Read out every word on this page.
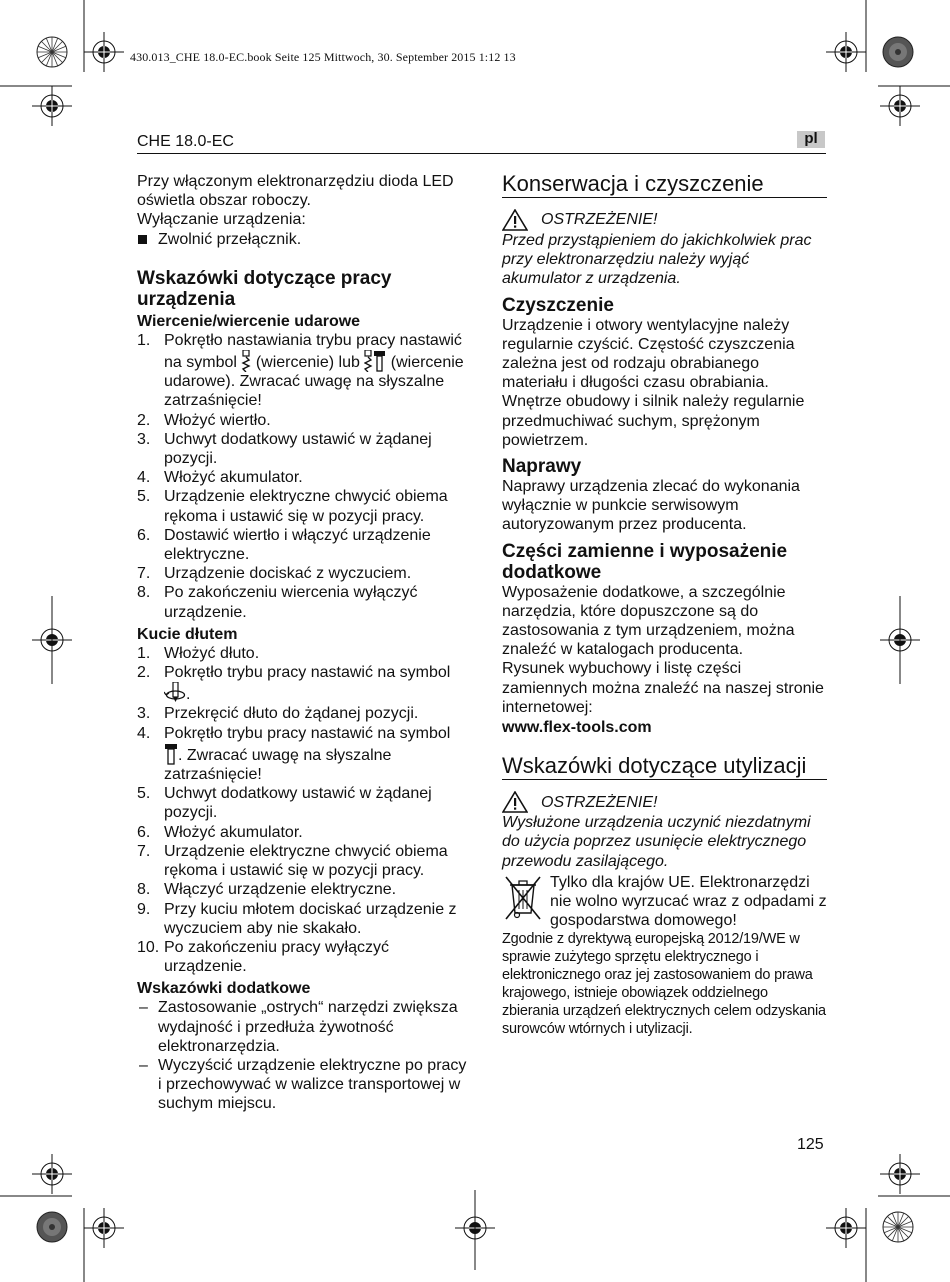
430.013_CHE 18.0-EC.book Seite 125 Mittwoch, 30. September 2015 1:12 13
CHE 18.0-EC	pl

Przy włączonym elektronarzędziu dioda LED oświetla obszar roboczy.

Wyłączanie urządzenia:

Zwolnić przełącznik.
Wskazówki dotyczące pracy urządzenia
Wiercenie/wiercenie udarowe
1. Pokrętło nastawiania trybu pracy nastawić na symbol  (wiercenie) lub  (wiercenie udarowe). Zwracać uwagę na słyszalne zatrzaśnięcie!
2. Włożyć wiertło.
3. Uchwyt dodatkowy ustawić w żądanej pozycji.
4. Włożyć akumulator.
5. Urządzenie elektryczne chwycić obiema rękoma i ustawić się w pozycji pracy.
6. Dostawić wiertło i włączyć urządzenie elektryczne.
7. Urządzenie dociskać z wyczuciem.
8. Po zakończeniu wiercenia wyłączyć urządzenie.
Kucie dłutem
1. Włożyć dłuto.
2. Pokrętło trybu pracy nastawić na symbol .
3. Przekręcić dłuto do żądanej pozycji.
4. Pokrętło trybu pracy nastawić na symbol . Zwracać uwagę na słyszalne zatrzaśnięcie!
5. Uchwyt dodatkowy ustawić w żądanej pozycji.
6. Włożyć akumulator.
7. Urządzenie elektryczne chwycić obiema rękoma i ustawić się w pozycji pracy.
8. Włączyć urządzenie elektryczne.
9. Przy kuciu młotem dociskać urządzenie z wyczuciem aby nie skakało.
10. Po zakończeniu pracy wyłączyć urządzenie.
Wskazówki dodatkowe
– Zastosowanie „ostrych“ narzędzi zwiększa wydajność i przedłuża żywotność elektronarzędzia.
– Wyczyścić urządzenie elektryczne po pracy i przechowywać w walizce transportowej w suchym miejscu.
Konserwacja i czyszczenie
OSTRZEŻENIE!

Przed przystąpieniem do jakichkolwiek prac przy elektronarzędziu należy wyjąć akumulator z urządzenia.

Czyszczenie

Urządzenie i otwory wentylacyjne należy regularnie czyścić. Częstość czyszczenia zależna jest od rodzaju obrabianego materiału i długości czasu obrabiania. Wnętrze obudowy i silnik należy regularnie przedmuchiwać suchym, sprężonym powietrzem.

Naprawy

Naprawy urządzenia zlecać do wykonania wyłącznie w punkcie serwisowym autoryzowanym przez producenta.

Części zamienne i wyposażenie dodatkowe

Wyposażenie dodatkowe, a szczególnie narzędzia, które dopuszczone są do zastosowania z tym urządzeniem, można znaleźć w katalogach producenta.

Rysunek wybuchowy i listę części zamiennych można znaleźć na naszej stronie internetowej:

www.flex-tools.com

Wskazówki dotyczące utylizacji
OSTRZEŻENIE!

Wysłużone urządzenia uczynić niezdatnymi do użycia poprzez usunięcie elektrycznego przewodu zasilającego.

Tylko dla krajów UE. Elektronarzędzi nie wolno wyrzucać wraz z odpadami z gospodarstwa domowego!

Zgodnie z dyrektywą europejską 2012/19/WE w sprawie zużytego sprzętu elektrycznego i elektronicznego oraz jej zastosowaniem do prawa krajowego, istnieje obowiązek oddzielnego zbierania urządzeń elektrycznych celem odzyskania surowców wtórnych i utylizacji.

125
